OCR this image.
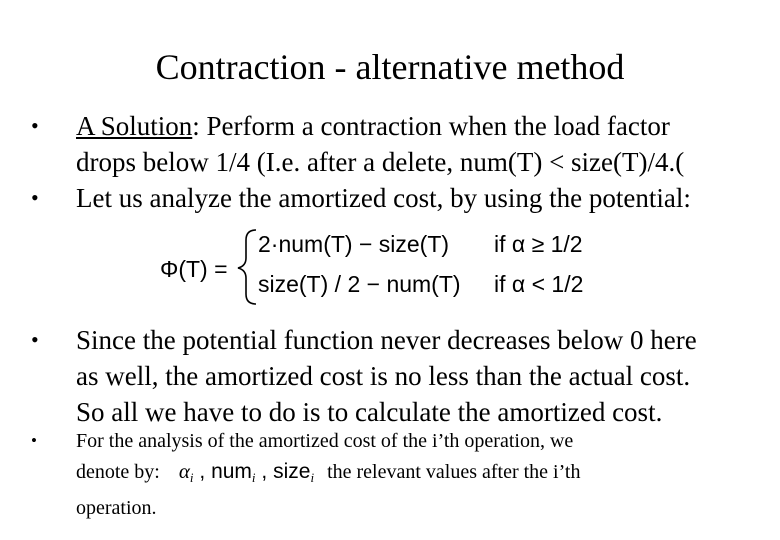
Contraction - alternative method
• A Solution: Perform a contraction when the load factor
drops below 1/4 (I.e. after a delete, num(T) < size(T)/4.(
• Let us analyze the amortized cost, by using the potential:
Φ(T) =
2·num(T) − size(T) if α ≥ 1/2
size(T) / 2 − num(T) if α < 1/2
• Since the potential function never decreases below 0 here
as well, the amortized cost is no less than the actual cost.
So all we have to do is to calculate the amortized cost.
• For the analysis of the amortized cost of the i’th operation, we
denote by: $\alpha_i$ , num$_i$ , size$_i$ the relevant values after the i’th
operation.
